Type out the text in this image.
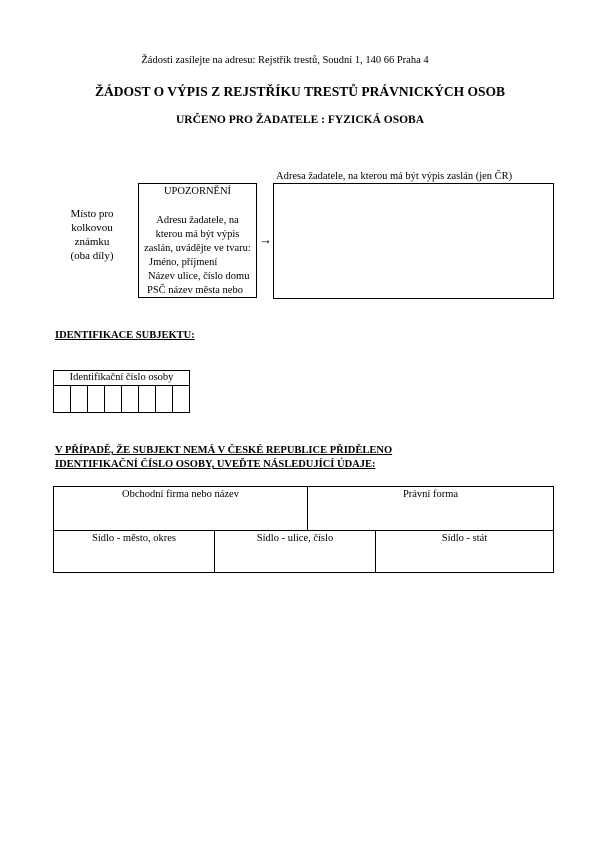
Žádosti zasílejte na adresu: Rejstřík trestů, Soudní 1, 140 66 Praha 4
ŽÁDOST O VÝPIS Z REJSTŘÍKU TRESTŮ PRÁVNICKÝCH OSOB
URČENO PRO ŽADATELE : FYZICKÁ OSOBA
Místo pro
kolkovou
známku
(oba díly)
UPOZORNĚNÍ
Adresu žadatele, na
kterou má být výpis
zaslán, uvádějte ve tvaru:
Jméno, příjmení
Název ulice, číslo domu
PSČ název města nebo
→
Adresa žadatele, na kterou má být výpis zaslán (jen ČR)
IDENTIFIKACE SUBJEKTU:
Identifikační číslo osoby
V PŘÍPADĚ, ŽE SUBJEKT NEMÁ V ČESKÉ REPUBLICE PŘIDĚLENO
IDENTIFIKAČNÍ ČÍSLO OSOBY, UVEĎTE NÁSLEDUJÍCÍ ÚDAJE:
Obchodní firma nebo název	Právní forma
Sídlo - město, okres	Sídlo - ulice, číslo	Sídlo - stát
